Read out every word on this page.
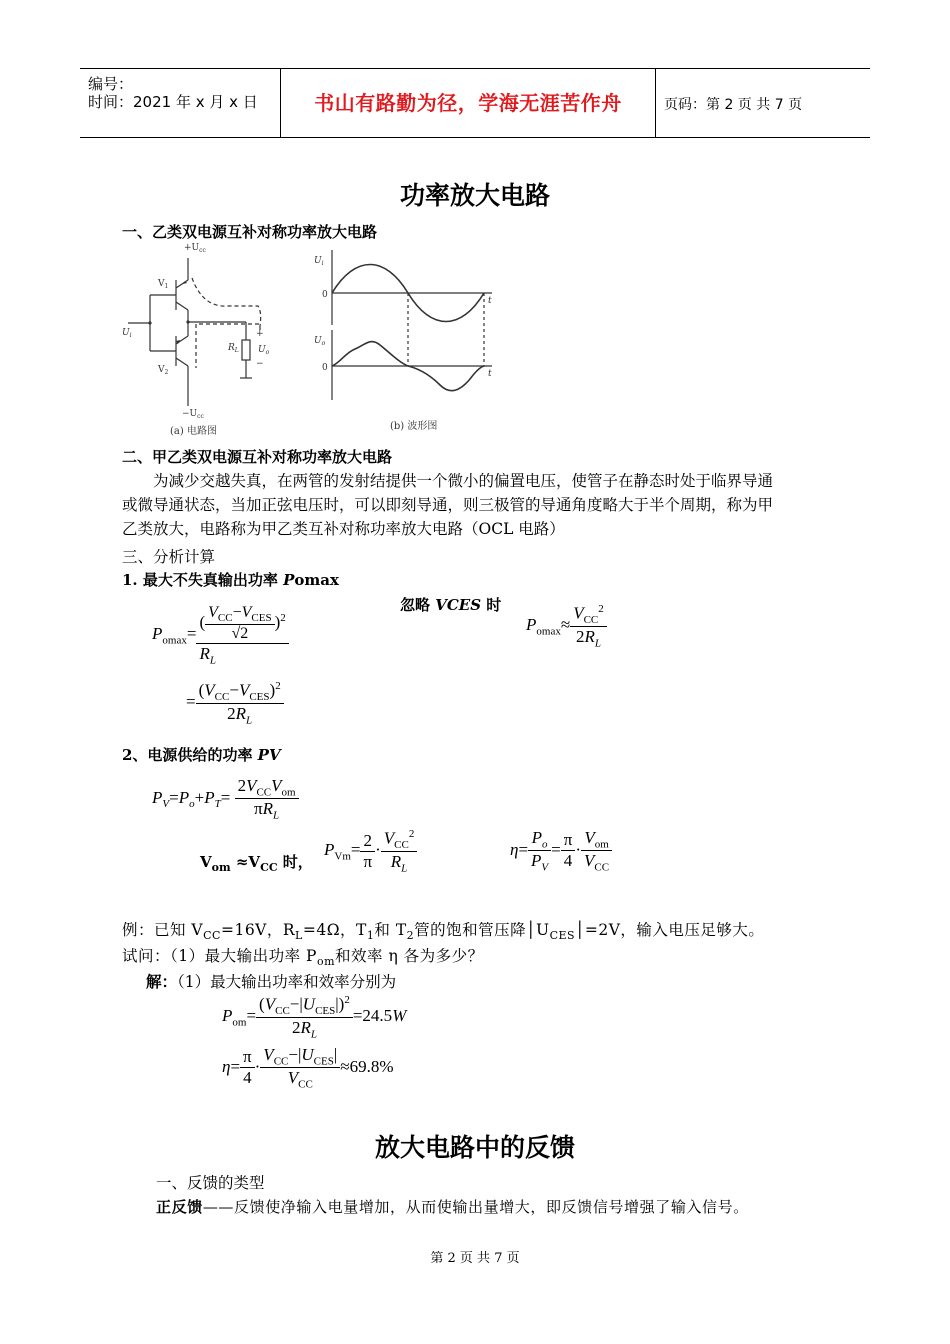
编号：
时间：2021 年 x 月 x 日	书山有路勤为径，学海无涯苦作舟	页码：第 2 页 共 7 页
功率放大电路
一、乙类双电源互补对称功率放大电路
$+U_{cc}$
$V_1$
$V_2$
$U_i$
$R_L$ $U_o$
+
−
$-U_{cc}$
(a) 电路图
$U_i$
0
t
$U_o$
0
t
(b) 波形图
二、甲乙类双电源互补对称功率放大电路
为减少交越失真，在两管的发射结提供一个微小的偏置电压，使管子在静态时处于临界导通
或微导通状态，当加正弦电压时，可以即刻导通，则三极管的导通角度略大于半个周期，称为甲
乙类放大，电路称为甲乙类互补对称功率放大电路（OCL 电路）
三、分析计算
1. 最大不失真输出功率 Pomax
忽略 VCES 时
$P_{omax}= \frac{( \frac{V_{CC}-V_{CES}}{√2} )^2}{R_L}$
= $\frac{(V_{CC}-V_{CES})^2}{2R_L}$
$P_{omax}\approx \frac{V_{CC}^2}{2R_L}$
2、电源供给的功率 PV
$P_V=P_o+P_T= \frac{2V_{CC}V_{om}}{\pi R_L}$
$V_{om} \approx V_{CC}$ 时，
$P_{Vm}= \frac{2}{\pi} \cdot \frac{V_{CC}^2}{R_L}$	$\eta= \frac{P_o}{P_V} = \frac{\pi}{4} \cdot \frac{V_{om}}{V_{CC}}$
例：已知 $V_{CC}=16V$，$R_L=4\Omega$，$T_1$和 $T_2$管的饱和管压降$│U_{CES}│=2V$，输入电压足够大。
试问：（1）最大输出功率 $P_{om}$和效率 η 各为多少？
解：（1）最大输出功率和效率分别为
$P_{om}= \frac{(V_{CC}-|U_{CES}|)^2}{2R_L} =24.5W$
$\eta= \frac{\pi}{4} \cdot \frac{V_{CC}-|U_{CES}|}{V_{CC}} \approx 69.8\%$
放大电路中的反馈
一、反馈的类型
正反馈——反馈使净输入电量增加，从而使输出量增大，即反馈信号增强了输入信号。
第 2 页 共 7 页
